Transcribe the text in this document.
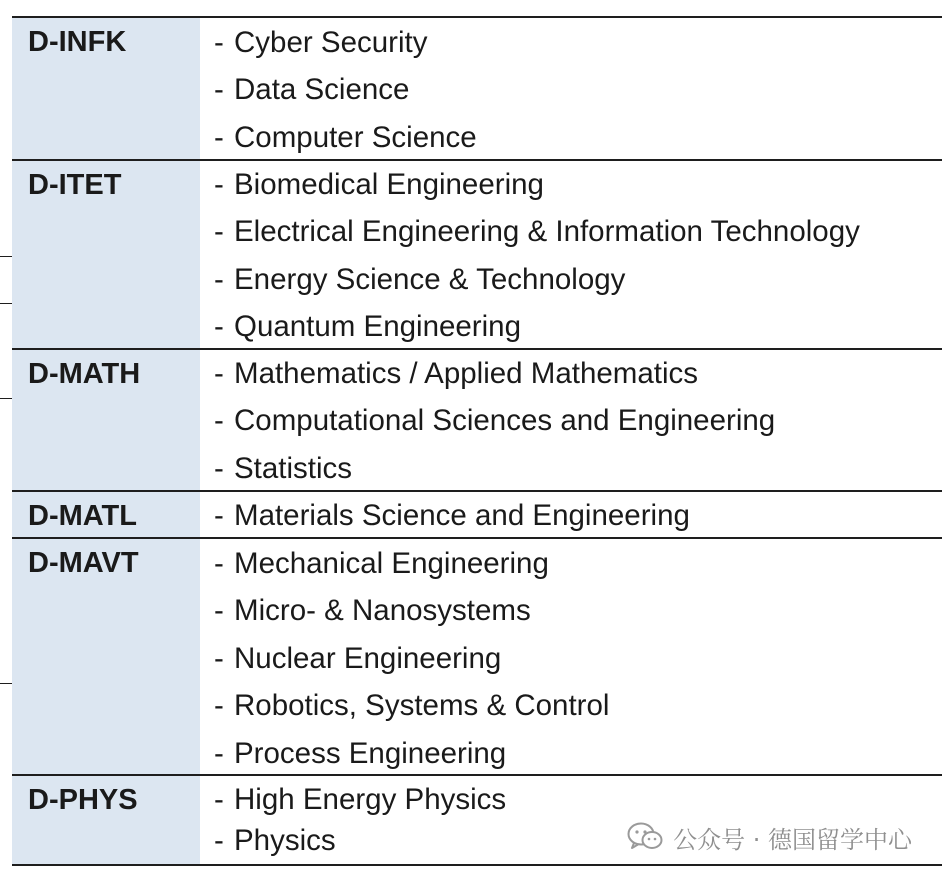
D-INFK	- Cyber Security
- Data Science
- Computer Science
D-ITET	- Biomedical Engineering
- Electrical Engineering & Information Technology
- Energy Science & Technology
- Quantum Engineering
D-MATH	- Mathematics / Applied Mathematics
- Computational Sciences and Engineering
- Statistics
D-MATL	- Materials Science and Engineering
D-MAVT	- Mechanical Engineering
- Micro- & Nanosystems
- Nuclear Engineering
- Robotics, Systems & Control
- Process Engineering
D-PHYS	- High Energy Physics
- Physics	公众号 · 德国留学中心
